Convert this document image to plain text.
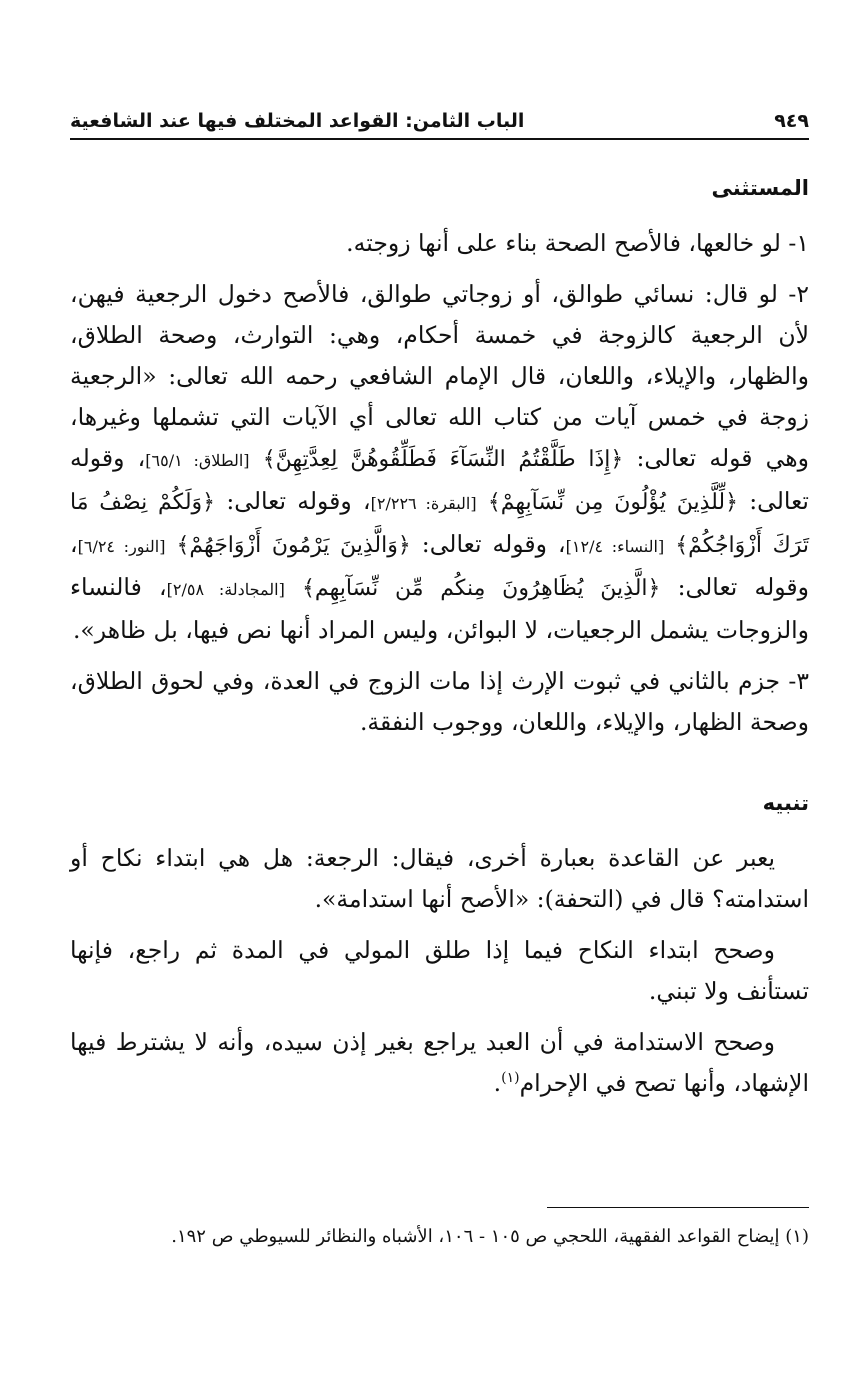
الباب الثامن: القواعد المختلف فيها عند الشافعية	٩٤٩
المستثنى

١- لو خالعها، فالأصح الصحة بناء على أنها زوجته.

٢- لو قال: نسائي طوالق، أو زوجاتي طوالق، فالأصح دخول الرجعية فيهن، لأن الرجعية كالزوجة في خمسة أحكام، وهي: التوارث، وصحة الطلاق، والظهار، والإيلاء، واللعان، قال الإمام الشافعي رحمه الله تعالى: «الرجعية زوجة في خمس آيات من كتاب الله تعالى أي الآيات التي تشملها وغيرها، وهي قوله تعالى: ﴿إِذَا طَلَّقْتُمُ النِّسَآءَ فَطَلِّقُوهُنَّ لِعِدَّتِهِنَّ﴾ [الطلاق: ٦٥/١]، وقوله تعالى: ﴿لِّلَّذِينَ يُؤْلُونَ مِن نِّسَآبِهِمْ﴾ [البقرة: ٢/٢٢٦]، وقوله تعالى: ﴿وَلَكُمْ نِصْفُ مَا تَرَكَ أَزْوَاجُكُمْ﴾ [النساء: ١٢/٤]، وقوله تعالى: ﴿وَالَّذِينَ يَرْمُونَ أَزْوَاجَهُمْ﴾ [النور: ٦/٢٤]، وقوله تعالى: ﴿الَّذِينَ يُظَاهِرُونَ مِنكُم مِّن نِّسَآبِهِم﴾ [المجادلة: ٢/٥٨]، فالنساء والزوجات يشمل الرجعيات، لا البوائن، وليس المراد أنها نص فيها، بل ظاهر».

٣- جزم بالثاني في ثبوت الإرث إذا مات الزوج في العدة، وفي لحوق الطلاق، وصحة الظهار، والإيلاء، واللعان، ووجوب النفقة.

تنبيه

يعبر عن القاعدة بعبارة أخرى، فيقال: الرجعة: هل هي ابتداء نكاح أو استدامته؟ قال في (التحفة): «الأصح أنها استدامة».

وصحح ابتداء النكاح فيما إذا طلق المولي في المدة ثم راجع، فإنها تستأنف ولا تبني.

وصحح الاستدامة في أن العبد يراجع بغير إذن سيده، وأنه لا يشترط فيها الإشهاد، وأنها تصح في الإحرام$^{(١)}$.

(١) إيضاح القواعد الفقهية، اللحجي ص ١٠٥ - ١٠٦، الأشباه والنظائر للسيوطي ص ١٩٢.
